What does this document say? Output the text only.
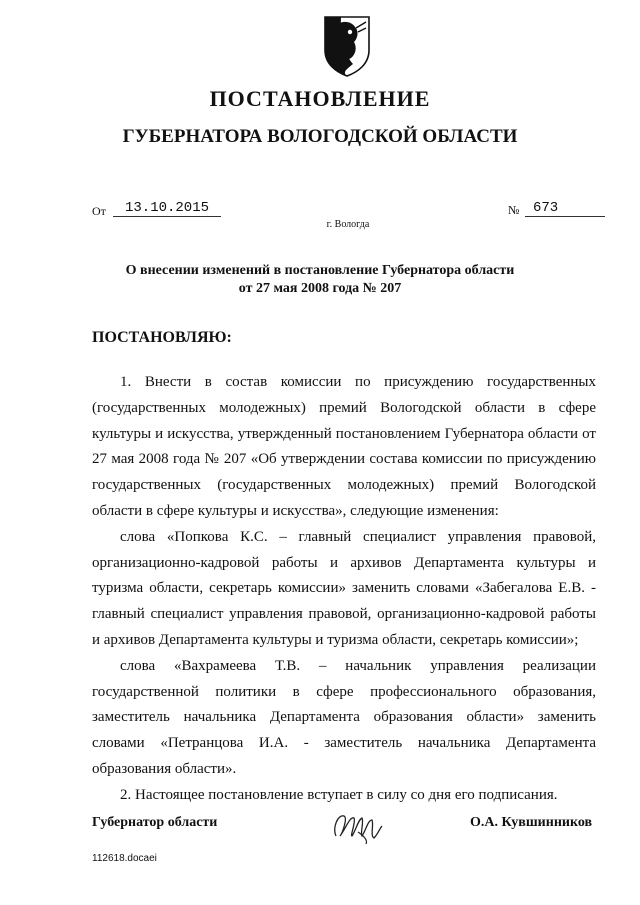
ПОСТАНОВЛЕНИЕ
ГУБЕРНАТОРА ВОЛОГОДСКОЙ ОБЛАСТИ
От	13.10.2015	№ 673
г. Вологда
О внесении изменений в постановление Губернатора области
от 27 мая 2008 года № 207
ПОСТАНОВЛЯЮ:

1. Внести в состав комиссии по присуждению государственных (государственных молодежных) премий Вологодской области в сфере культуры и искусства, утвержденный постановлением Губернатора области от 27 мая 2008 года № 207 «Об утверждении состава комиссии по присуждению государственных (государственных молодежных) премий Вологодской области в сфере культуры и искусства», следующие изменения:

слова «Попкова К.С. – главный специалист управления правовой, организационно-кадровой работы и архивов Департамента культуры и туризма области, секретарь комиссии» заменить словами «Забегалова Е.В. - главный специалист управления правовой, организационно-кадровой работы и архивов Департамента культуры и туризма области, секретарь комиссии»;

слова «Вахрамеева Т.В. – начальник управления реализации государственной политики в сфере профессионального образования, заместитель начальника Департамента образования области» заменить словами «Петранцова И.А. - заместитель начальника Департамента образования области».

2. Настоящее постановление вступает в силу со дня его подписания.

Губернатор области	О.А. Кувшинников
112618.docaei
